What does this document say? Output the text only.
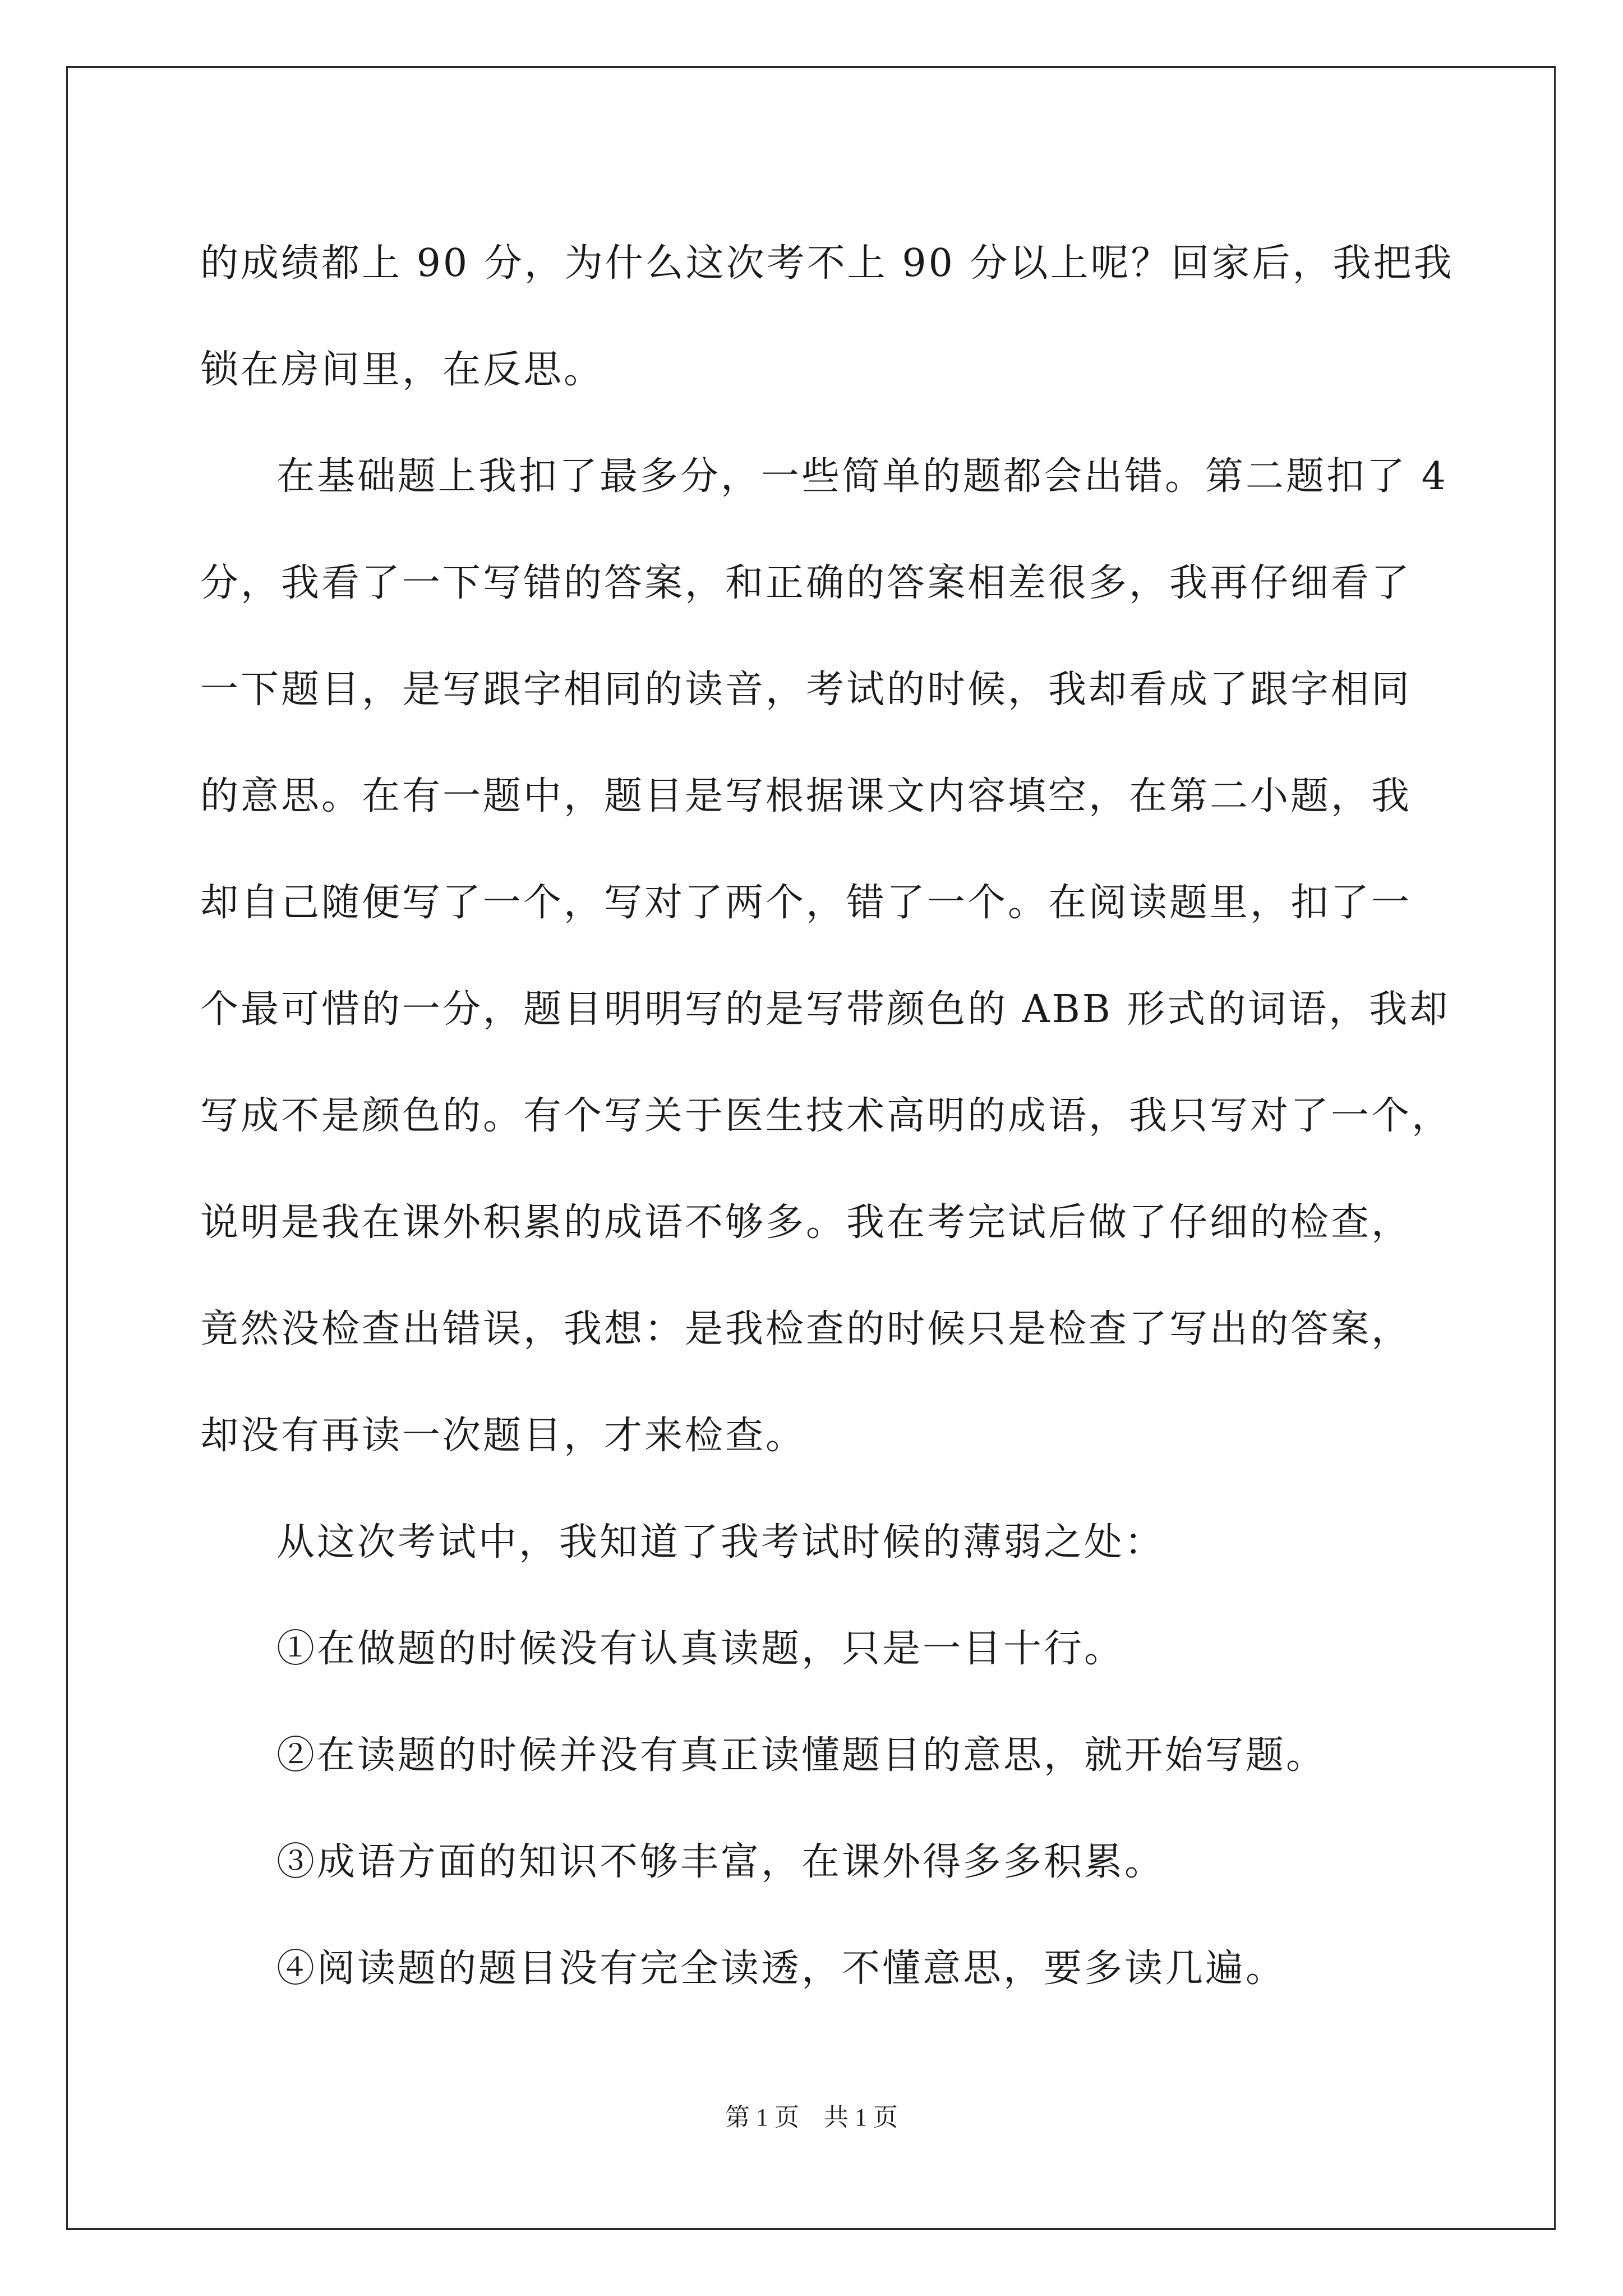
的成绩都上 90 分，为什么这次考不上 90 分以上呢？回家后，我把我
锁在房间里，在反思。
在基础题上我扣了最多分，一些简单的题都会出错。第二题扣了 4
分，我看了一下写错的答案，和正确的答案相差很多，我再仔细看了
一下题目，是写跟字相同的读音，考试的时候，我却看成了跟字相同
的意思。在有一题中，题目是写根据课文内容填空，在第二小题，我
却自己随便写了一个，写对了两个，错了一个。在阅读题里，扣了一
个最可惜的一分，题目明明写的是写带颜色的 ABB 形式的词语，我却
写成不是颜色的。有个写关于医生技术高明的成语，我只写对了一个，
说明是我在课外积累的成语不够多。我在考完试后做了仔细的检查，
竟然没检查出错误，我想：是我检查的时候只是检查了写出的答案，
却没有再读一次题目，才来检查。
从这次考试中，我知道了我考试时候的薄弱之处：
①在做题的时候没有认真读题，只是一目十行。
②在读题的时候并没有真正读懂题目的意思，就开始写题。
③成语方面的知识不够丰富，在课外得多多积累。
④阅读题的题目没有完全读透，不懂意思，要多读几遍。
第 1 页　共 1 页
